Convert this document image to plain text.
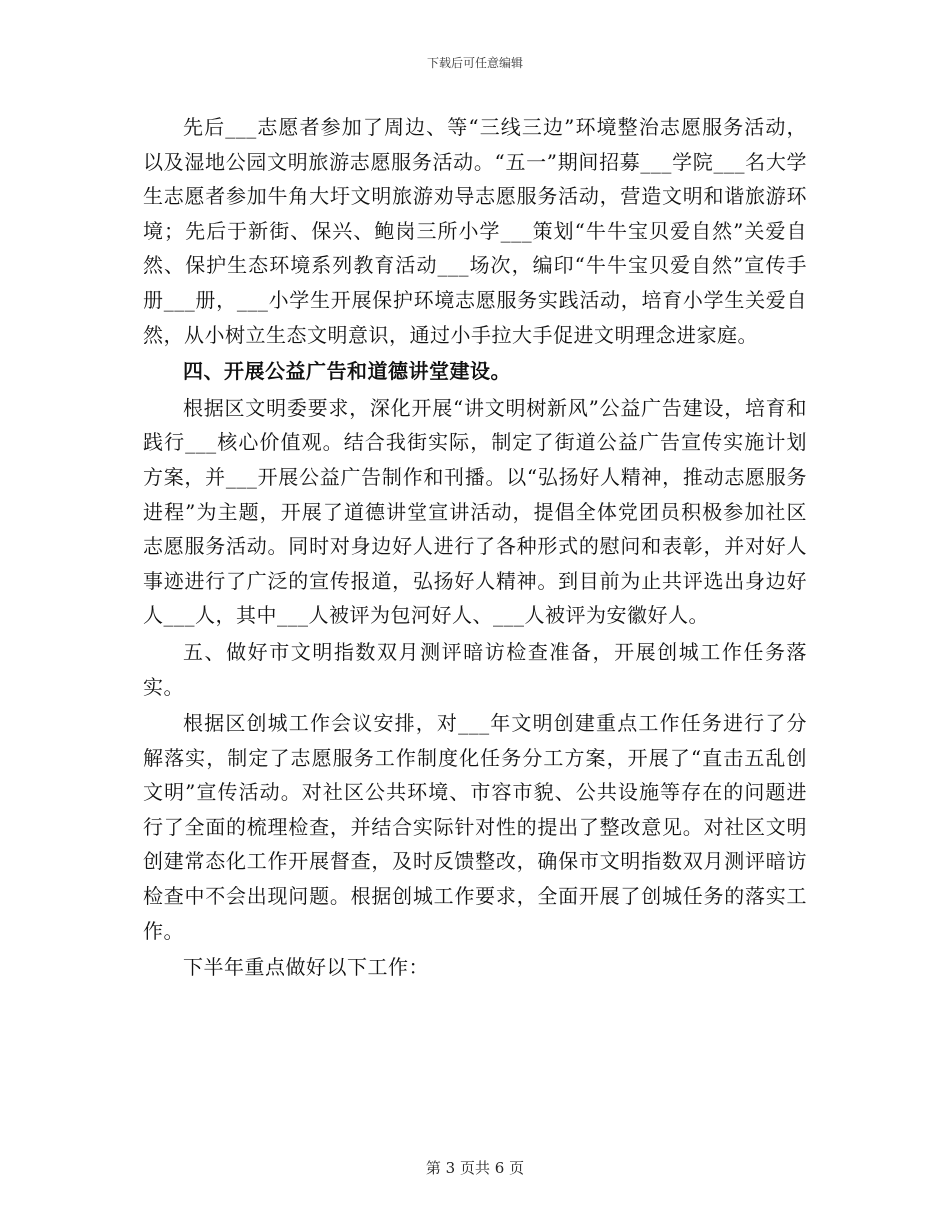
下载后可任意编辑

先后___志愿者参加了周边、等“三线三边”环境整治志愿服务活动，以及湿地公园文明旅游志愿服务活动。“五一”期间招募___学院___名大学生志愿者参加牛角大圩文明旅游劝导志愿服务活动，营造文明和谐旅游环境；先后于新街、保兴、鲍岗三所小学___策划“牛牛宝贝爱自然”关爱自然、保护生态环境系列教育活动___场次，编印“牛牛宝贝爱自然”宣传手册___册，___小学生开展保护环境志愿服务实践活动，培育小学生关爱自然，从小树立生态文明意识，通过小手拉大手促进文明理念进家庭。

四、开展公益广告和道德讲堂建设。

根据区文明委要求，深化开展“讲文明树新风”公益广告建设，培育和践行___核心价值观。结合我街实际，制定了街道公益广告宣传实施计划方案，并___开展公益广告制作和刊播。以“弘扬好人精神，推动志愿服务进程”为主题，开展了道德讲堂宣讲活动，提倡全体党团员积极参加社区志愿服务活动。同时对身边好人进行了各种形式的慰问和表彰，并对好人事迹进行了广泛的宣传报道，弘扬好人精神。到目前为止共评选出身边好人___人，其中___人被评为包河好人、___人被评为安徽好人。

五、做好市文明指数双月测评暗访检查准备，开展创城工作任务落实。

根据区创城工作会议安排，对___年文明创建重点工作任务进行了分解落实，制定了志愿服务工作制度化任务分工方案，开展了“直击五乱创文明”宣传活动。对社区公共环境、市容市貌、公共设施等存在的问题进行了全面的梳理检查，并结合实际针对性的提出了整改意见。对社区文明创建常态化工作开展督查，及时反馈整改，确保市文明指数双月测评暗访检查中不会出现问题。根据创城工作要求，全面开展了创城任务的落实工作。

下半年重点做好以下工作：

第 3 页共 6 页
